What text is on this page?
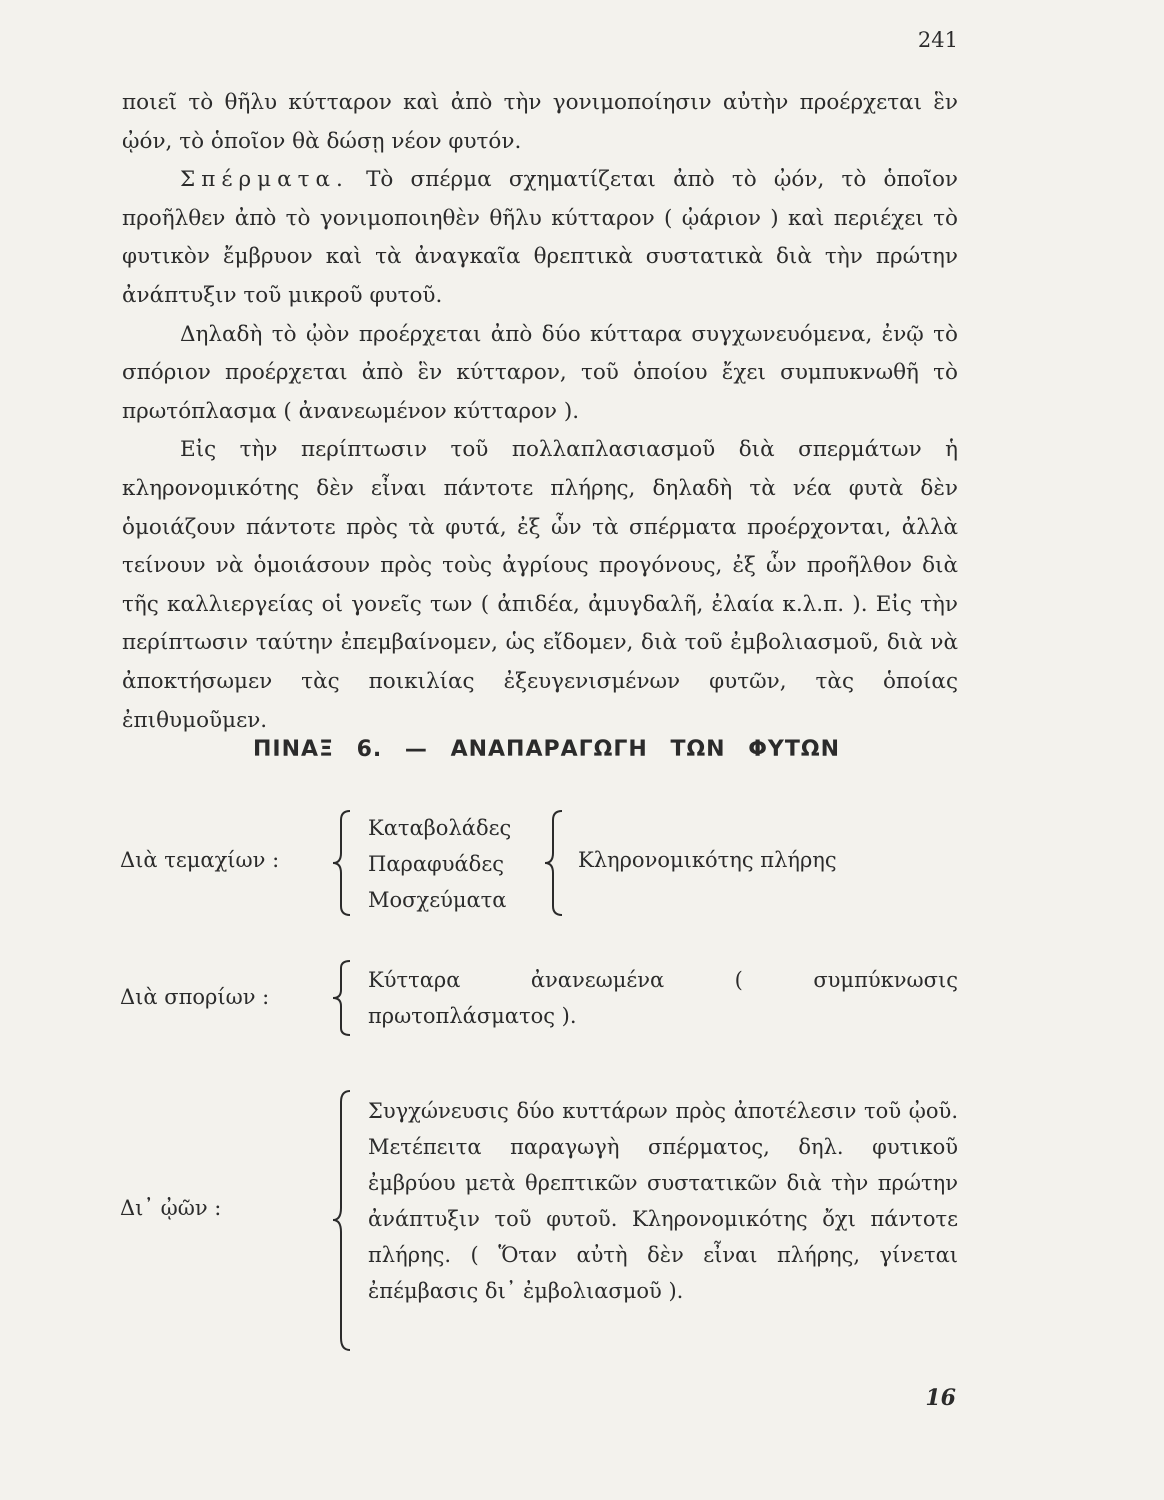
241

ποιεῖ τὸ θῆλυ κύτταρον καὶ ἀπὸ τὴν γονιμοποίησιν αὐτὴν προέρχεται ἓν ᾠόν, τὸ ὁποῖον θὰ δώσῃ νέον φυτόν.

Σπέρματα. Τὸ σπέρμα σχηματίζεται ἀπὸ τὸ ᾠόν, τὸ ὁποῖον προῆλθεν ἀπὸ τὸ γονιμοποιηθὲν θῆλυ κύτταρον ( ᾠάριον ) καὶ περιέχει τὸ φυτικὸν ἔμβρυον καὶ τὰ ἀναγκαῖα θρεπτικὰ συστατικὰ διὰ τὴν πρώτην ἀνάπτυξιν τοῦ μικροῦ φυτοῦ.

Δηλαδὴ τὸ ᾠὸν προέρχεται ἀπὸ δύο κύτταρα συγχωνευόμενα, ἐνῷ τὸ σπόριον προέρχεται ἀπὸ ἓν κύτταρον, τοῦ ὁποίου ἔχει συμπυκνωθῆ τὸ πρωτόπλασμα ( ἀνανεωμένον κύτταρον ).

Εἰς τὴν περίπτωσιν τοῦ πολλαπλασιασμοῦ διὰ σπερμάτων ἡ κληρονομικότης δὲν εἶναι πάντοτε πλήρης, δηλαδὴ τὰ νέα φυτὰ δὲν ὁμοιάζουν πάντοτε πρὸς τὰ φυτά, ἐξ ὧν τὰ σπέρματα προέρχονται, ἀλλὰ τείνουν νὰ ὁμοιάσουν πρὸς τοὺς ἀγρίους προγόνους, ἐξ ὧν προῆλθον διὰ τῆς καλλιεργείας οἱ γονεῖς των ( ἀπιδέα, ἀμυγδαλῆ, ἐλαία κ.λ.π. ). Εἰς τὴν περίπτωσιν ταύτην ἐπεμβαίνομεν, ὡς εἴδομεν, διὰ τοῦ ἐμβολιασμοῦ, διὰ νὰ ἀποκτήσωμεν τὰς ποικιλίας ἐξευγενισμένων φυτῶν, τὰς ὁποίας ἐπιθυμοῦμεν.

ΠΙΝΑΞ 6. — ΑΝΑΠΑΡΑΓΩΓΗ ΤΩΝ ΦΥΤΩΝ
Διὰ τεμαχίων :
Καταβολάδες
Παραφυάδες
Μοσχεύματα
Κληρονομικότης πλήρης
Διὰ σπορίων :
Κύτταρα ἀνανεωμένα ( συμπύκνωσις πρωτοπλάσματος ).
Δι᾽ ᾠῶν :
Συγχώνευσις δύο κυττάρων πρὸς ἀποτέλεσιν τοῦ ᾠοῦ. Μετέπειτα παραγωγὴ σπέρματος, δηλ. φυτικοῦ ἐμβρύου μετὰ θρεπτικῶν συστατικῶν διὰ τὴν πρώτην ἀνάπτυξιν τοῦ φυτοῦ. Κληρονομικότης ὄχι πάντοτε πλήρης. ( Ὅταν αὐτὴ δὲν εἶναι πλήρης, γίνεται ἐπέμβασις δι᾽ ἐμβολιασμοῦ ).
16
